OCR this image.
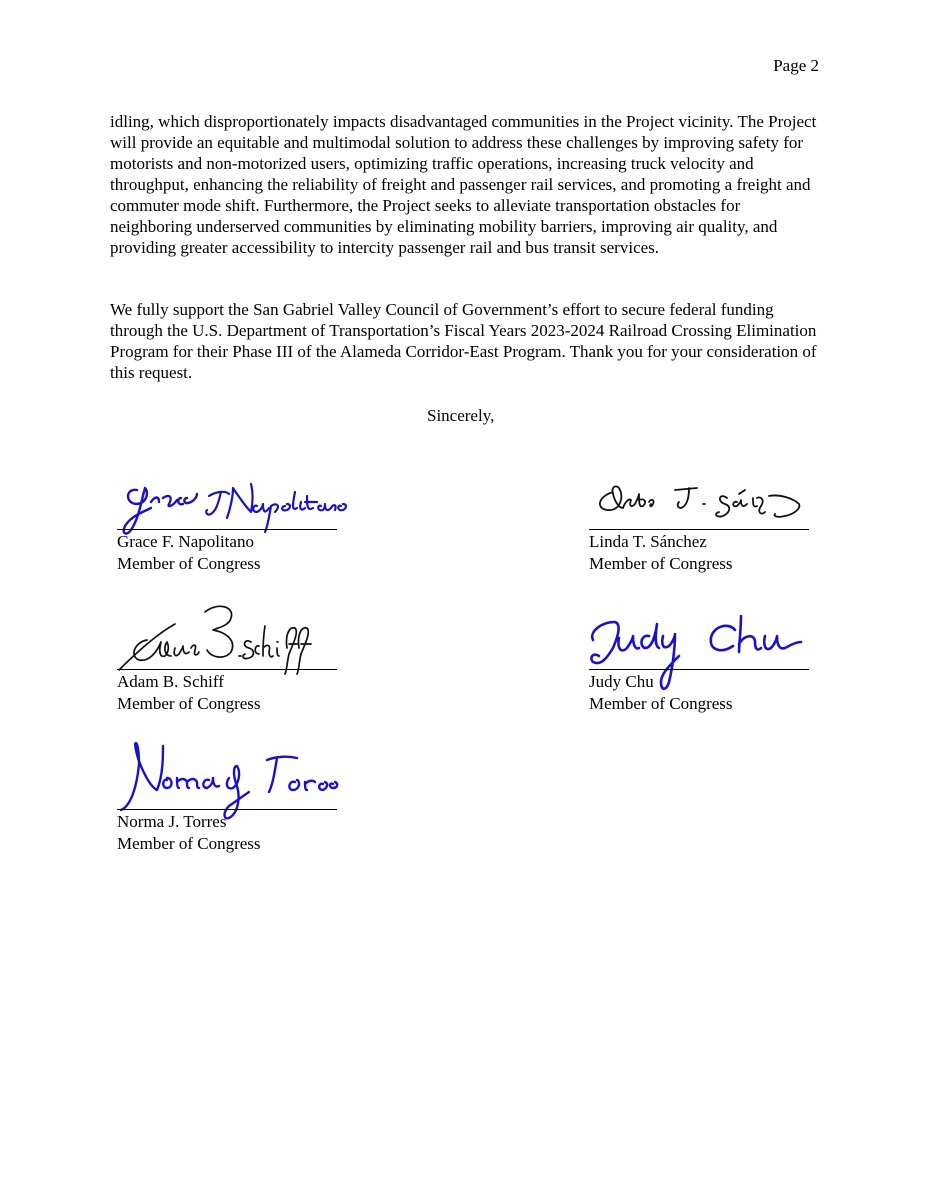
Page 2

idling, which disproportionately impacts disadvantaged communities in the Project vicinity. The Project will provide an equitable and multimodal solution to address these challenges by improving safety for motorists and non-motorized users, optimizing traffic operations, increasing truck velocity and throughput, enhancing the reliability of freight and passenger rail services, and promoting a freight and commuter mode shift. Furthermore, the Project seeks to alleviate transportation obstacles for neighboring underserved communities by eliminating mobility barriers, improving air quality, and providing greater accessibility to intercity passenger rail and bus transit services.

We fully support the San Gabriel Valley Council of Government’s effort to secure federal funding through the U.S. Department of Transportation’s Fiscal Years 2023-2024 Railroad Crossing Elimination Program for their Phase III of the Alameda Corridor-East Program. Thank you for your consideration of this request.

Sincerely,
Grace F. Napolitano
Member of Congress
Linda T. Sánchez
Member of Congress
Adam B. Schiff
Member of Congress
Judy Chu
Member of Congress
Norma J. Torres
Member of Congress
